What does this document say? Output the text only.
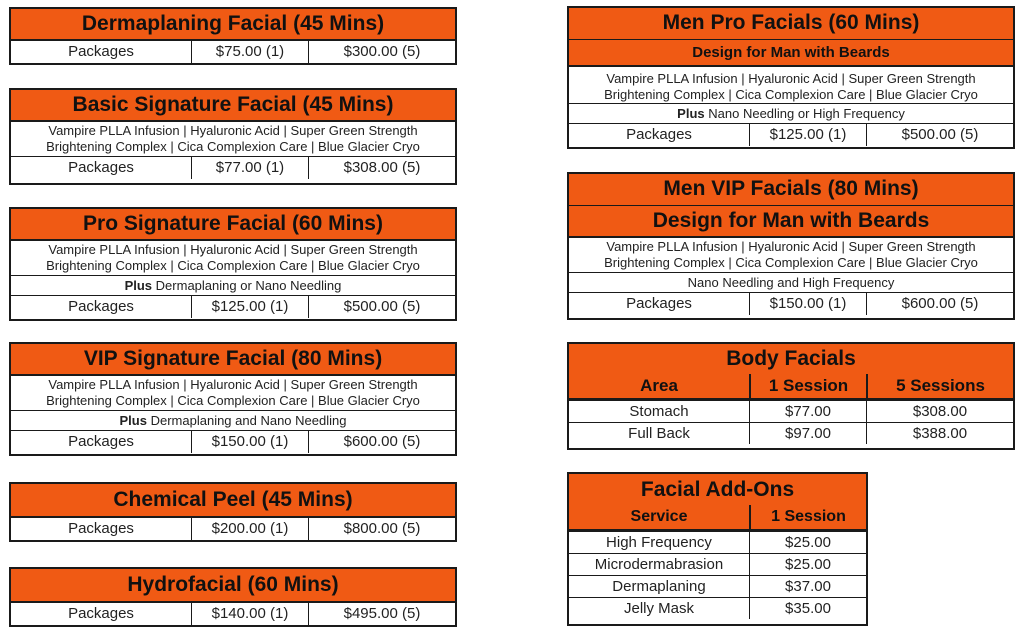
Dermaplaning Facial (45 Mins)
Packages	$75.00 (1)	$300.00 (5)
Basic Signature Facial (45 Mins)
Vampire PLLA Infusion | Hyaluronic Acid | Super Green Strength
Brightening Complex | Cica Complexion Care | Blue Glacier Cryo
Packages	$77.00 (1)	$308.00 (5)
Pro Signature Facial (60 Mins)
Vampire PLLA Infusion | Hyaluronic Acid | Super Green Strength
Brightening Complex | Cica Complexion Care | Blue Glacier Cryo
Plus Dermaplaning or Nano Needling
Packages	$125.00 (1)	$500.00 (5)
VIP Signature Facial (80 Mins)
Vampire PLLA Infusion | Hyaluronic Acid | Super Green Strength
Brightening Complex | Cica Complexion Care | Blue Glacier Cryo
Plus Dermaplaning and Nano Needling
Packages	$150.00 (1)	$600.00 (5)
Chemical Peel (45 Mins)
Packages	$200.00 (1)	$800.00 (5)
Hydrofacial (60 Mins)
Packages	$140.00 (1)	$495.00 (5)
Men Pro Facials (60 Mins)
Design for Man with Beards
Vampire PLLA Infusion | Hyaluronic Acid | Super Green Strength
Brightening Complex | Cica Complexion Care | Blue Glacier Cryo
Plus Nano Needling or High Frequency
Packages	$125.00 (1)	$500.00 (5)
Men VIP Facials (80 Mins)
Design for Man with Beards
Vampire PLLA Infusion | Hyaluronic Acid | Super Green Strength
Brightening Complex | Cica Complexion Care | Blue Glacier Cryo
Nano Needling and High Frequency
Packages	$150.00 (1)	$600.00 (5)
Body Facials
Area	1 Session	5 Sessions
Stomach	$77.00	$308.00
Full Back	$97.00	$388.00
Facial Add-Ons
Service	1 Session
High Frequency	$25.00
Microdermabrasion	$25.00
Dermaplaning	$37.00
Jelly Mask	$35.00
